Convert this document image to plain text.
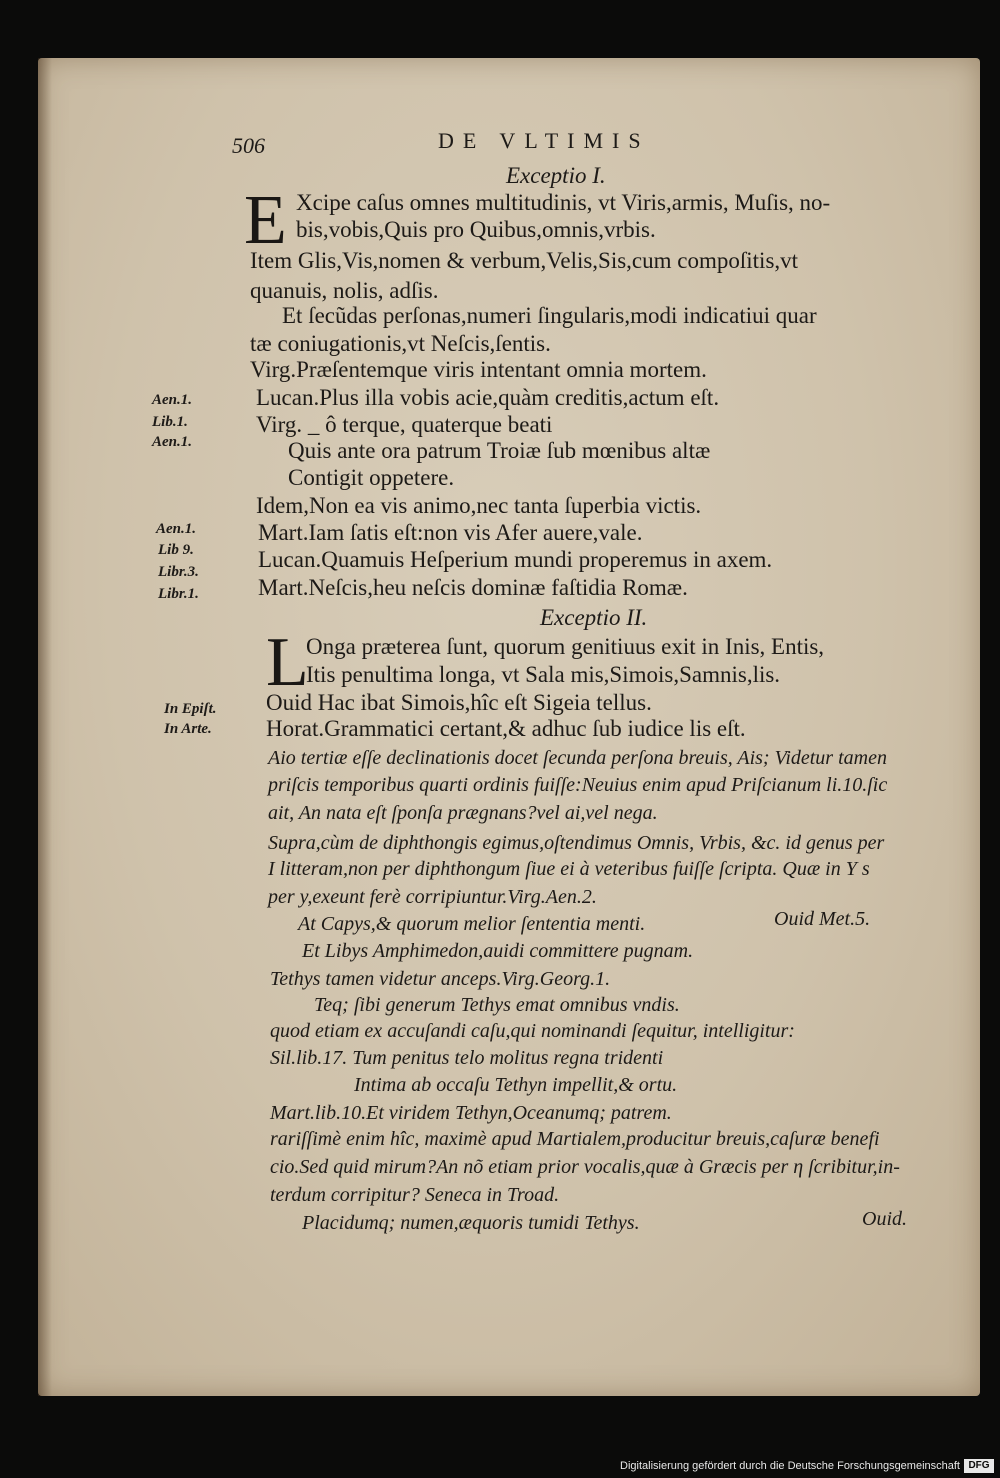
506	DE VLTIMIS
Exceptio I.
E Xcipe caſus omnes multitudinis, vt Viris,armis, Muſis, no-
bis,vobis,Quis pro Quibus,omnis,vrbis.
Item Glis,Vis,nomen & verbum,Velis,Sis,cum compoſitis,vt
quanuis, nolis, adſis.
Et ſecũdas perſonas,numeri ſingularis,modi indicatiui quar
tæ coniugationis,vt Neſcis,ſentis.
Virg.Præſentemque viris intentant omnia mortem.
Lucan.Plus illa vobis acie,quàm creditis,actum eſt.
Virg. _ ô terque, quaterque beati
Quis ante ora patrum Troiæ ſub mœnibus altæ
Contigit oppetere.
Idem,Non ea vis animo,nec tanta ſuperbia victis.
Mart.Iam ſatis eſt:non vis Afer auere,vale.
Lucan.Quamuis Heſperium mundi properemus in axem.
Mart.Neſcis,heu neſcis dominæ faſtidia Romæ.
Aen.1.
Lib.1.
Aen.1.
Aen.1.
Lib 9.
Libr.3.
Libr.1.
In Epiſt.
In Arte.
Exceptio II.
L
Onga præterea ſunt, quorum genitiuus exit in Inis, Entis,
Itis penultima longa, vt Sala mis,Simois,Samnis,lis.
Ouid Hac ibat Simois,hîc eſt Sigeia tellus.
Horat.Grammatici certant,& adhuc ſub iudice lis eſt.
Aio tertiæ eſſe declinationis docet ſecunda perſona breuis, Ais; Videtur tamen
priſcis temporibus quarti ordinis fuiſſe:Neuius enim apud Priſcianum li.10.ſic
ait, An nata eſt ſponſa prægnans?vel ai,vel nega.
Supra,cùm de diphthongis egimus,oſtendimus Omnis, Vrbis, &c. id genus per
I litteram,non per diphthongum ſiue ei à veteribus fuiſſe ſcripta. Quæ in Y s
per y,exeunt ferè corripiuntur.Virg.Aen.2.
At Capys,& quorum melior ſententia menti.	Ouid Met.5.
Et Libys Amphimedon,auidi committere pugnam.
Tethys tamen videtur anceps.Virg.Georg.1.
Teq; ſibi generum Tethys emat omnibus vndis.
quod etiam ex accuſandi caſu,qui nominandi ſequitur, intelligitur:
Sil.lib.17. Tum penitus telo molitus regna tridenti
Intima ab occaſu Tethyn impellit,& ortu.
Mart.lib.10.Et viridem Tethyn,Oceanumq; patrem.
rariſſimè enim hîc, maximè apud Martialem,producitur breuis,caſuræ benefi
cio.Sed quid mirum?An nõ etiam prior vocalis,quæ à Græcis per η ſcribitur,in-
terdum corripitur? Seneca in Troad.
Placidumq; numen,æquoris tumidi Tethys.	Ouid.
Digitalisierung gefördert durch die Deutsche Forschungsgemeinschaft DFG
